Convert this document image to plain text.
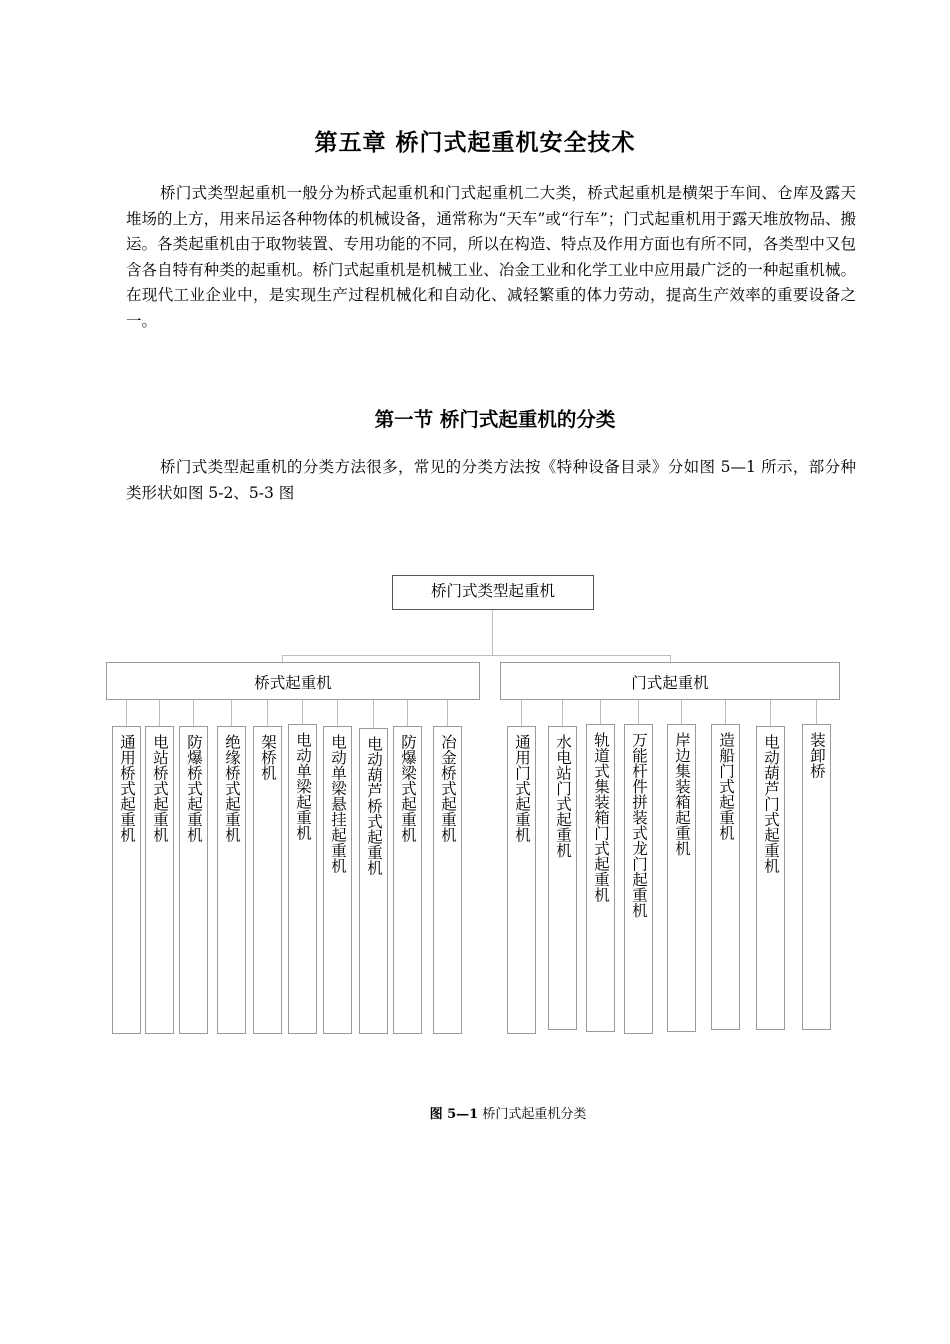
第五章 桥门式起重机安全技术
桥门式类型起重机一般分为桥式起重机和门式起重机二大类，桥式起重机是横架于车间、仓库及露天堆场的上方，用来吊运各种物体的机械设备，通常称为“天车”或“行车”；门式起重机用于露天堆放物品、搬运。各类起重机由于取物装置、专用功能的不同，所以在构造、特点及作用方面也有所不同，各类型中又包含各自特有种类的起重机。桥门式起重机是机械工业、冶金工业和化学工业中应用最广泛的一种起重机械。在现代工业企业中，是实现生产过程机械化和自动化、减轻繁重的体力劳动，提高生产效率的重要设备之一。
第一节 桥门式起重机的分类
桥门式类型起重机的分类方法很多，常见的分类方法按《特种设备目录》分如图 5—1 所示，部分种类形状如图 5-2、5-3 图
桥门式类型起重机
桥式起重机	门式起重机
通用桥式起重机 电站桥式起重机 防爆桥式起重机 绝缘桥式起重机 架桥机 电动单梁起重机 电动单梁悬挂起重机 电动葫芦桥式起重机 防爆梁式起重机 冶金桥式起重机	通用门式起重机 水电站门式起重机 轨道式集装箱门式起重机 万能杆件拼装式龙门起重机 岸边集装箱起重机 造船门式起重机 电动葫芦门式起重机 装卸桥
图 5—1 桥门式起重机分类
